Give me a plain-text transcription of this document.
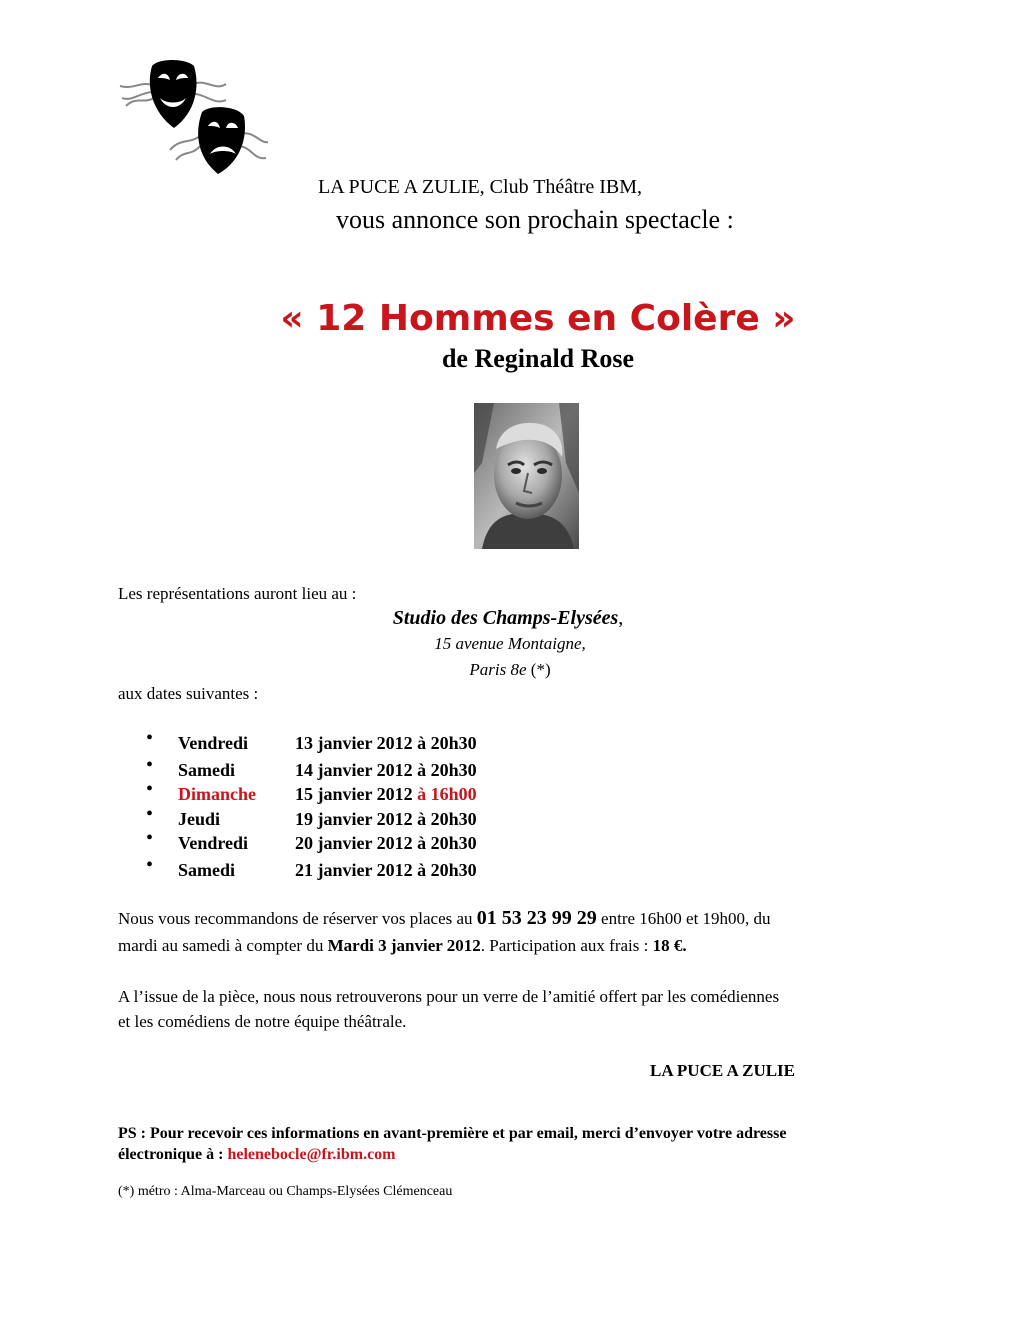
LA PUCE A ZULIE, Club Théâtre IBM,
vous annonce son prochain spectacle :
« 12 Hommes en Colère »
de Reginald Rose
Les représentations auront lieu au :
Studio des Champs-Elysées,
15 avenue Montaigne,
Paris 8e (*)
aux dates suivantes :
• Vendredi	13 janvier 2012 à 20h30
• Samedi	14 janvier 2012 à 20h30
• Dimanche 15 janvier 2012 à 16h00
• Jeudi	19 janvier 2012 à 20h30
• Vendredi	20 janvier 2012 à 20h30
• Samedi	21 janvier 2012 à 20h30
Nous vous recommandons de réserver vos places au 01 53 23 99 29 entre 16h00 et 19h00, du
mardi au samedi à compter du Mardi 3 janvier 2012. Participation aux frais : 18 €.
A l’issue de la pièce, nous nous retrouverons pour un verre de l’amitié offert par les comédiennes
et les comédiens de notre équipe théâtrale.
LA PUCE A ZULIE
PS : Pour recevoir ces informations en avant-première et par email, merci d’envoyer votre adresse
électronique à : helenebocle@fr.ibm.com
(*) métro : Alma-Marceau ou Champs-Elysées Clémenceau
